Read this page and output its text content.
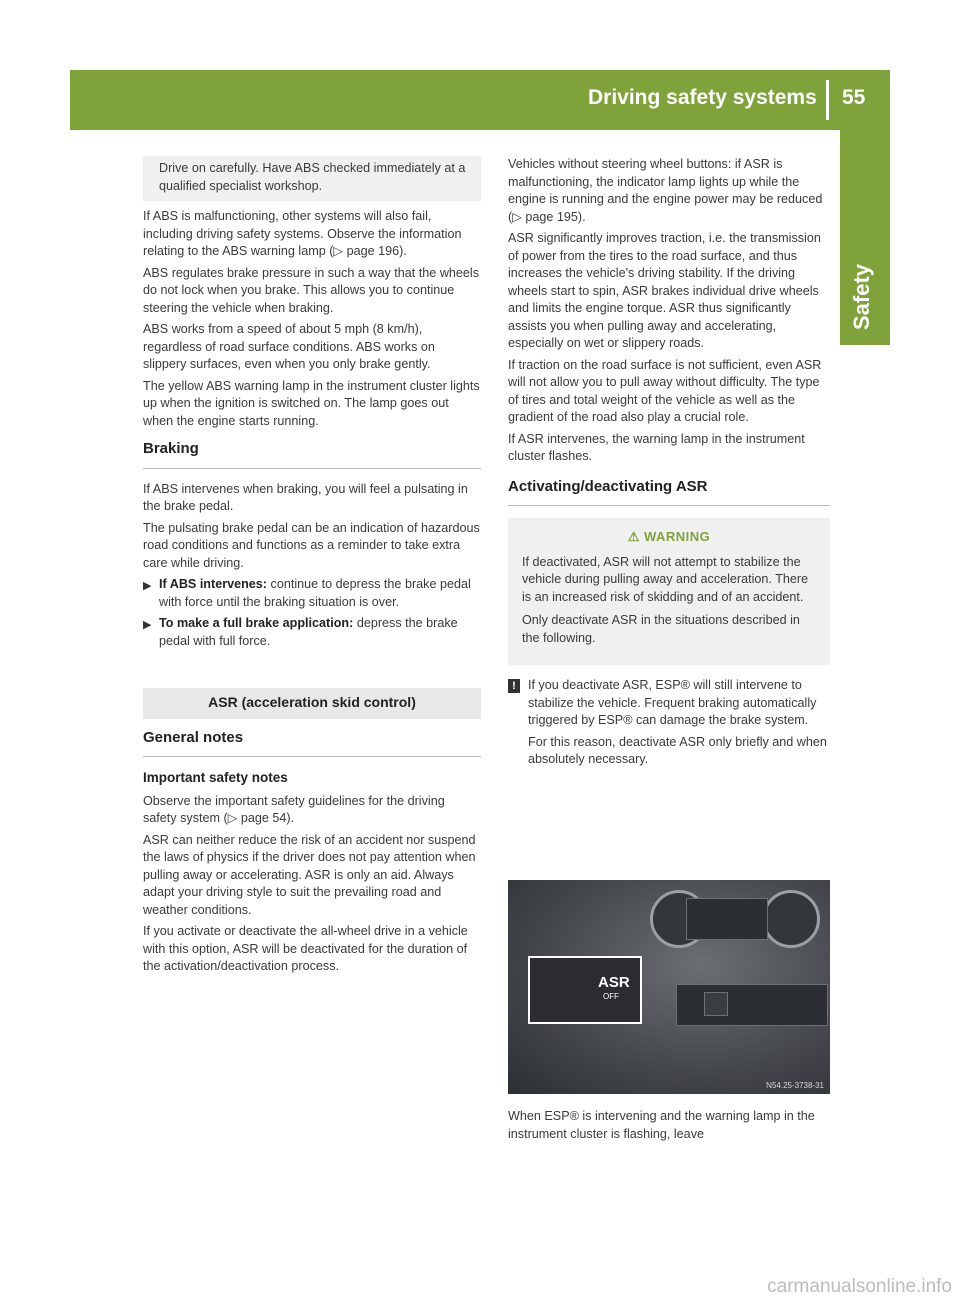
Driving safety systems 55
Safety

Drive on carefully. Have ABS checked immediately at a qualified specialist workshop.

If ABS is malfunctioning, other systems will also fail, including driving safety systems. Observe the information relating to the ABS warning lamp (▷ page 196).

ABS regulates brake pressure in such a way that the wheels do not lock when you brake. This allows you to continue steering the vehicle when braking.

ABS works from a speed of about 5 mph (8 km/h), regardless of road surface conditions. ABS works on slippery surfaces, even when you only brake gently.

The yellow ABS warning lamp in the instrument cluster lights up when the ignition is switched on. The lamp goes out when the engine starts running.

Braking

If ABS intervenes when braking, you will feel a pulsating in the brake pedal.

The pulsating brake pedal can be an indication of hazardous road conditions and functions as a reminder to take extra care while driving.

▶ If ABS intervenes: continue to depress the brake pedal with force until the braking situation is over.
▶ To make a full brake application: depress the brake pedal with full force.
ASR (acceleration skid control)
General notes
Important safety notes

Observe the important safety guidelines for the driving safety system (▷ page 54).

ASR can neither reduce the risk of an accident nor suspend the laws of physics if the driver does not pay attention when pulling away or accelerating. ASR is only an aid. Always adapt your driving style to suit the prevailing road and weather conditions.

If you activate or deactivate the all-wheel drive in a vehicle with this option, ASR will be deactivated for the duration of the activation/deactivation process.

Vehicles without steering wheel buttons: if ASR is malfunctioning, the indicator lamp lights up while the engine is running and the engine power may be reduced (▷ page 195).

ASR significantly improves traction, i.e. the transmission of power from the tires to the road surface, and thus increases the vehicle's driving stability. If the driving wheels start to spin, ASR brakes individual drive wheels and limits the engine torque. ASR thus significantly assists you when pulling away and accelerating, especially on wet or slippery roads.

If traction on the road surface is not sufficient, even ASR will not allow you to pull away without difficulty. The type of tires and total weight of the vehicle as well as the gradient of the road also play a crucial role.

If ASR intervenes, the warning lamp in the instrument cluster flashes.

Activating/deactivating ASR
⚠ WARNING

If deactivated, ASR will not attempt to stabilize the vehicle during pulling away and acceleration. There is an increased risk of skidding and of an accident.

Only deactivate ASR in the situations described in the following.

! If you deactivate ASR, ESP® will still intervene to stabilize the vehicle. Frequent braking automatically triggered by ESP® can damage the brake system.

For this reason, deactivate ASR only briefly and when absolutely necessary.

ASR
OFF
N54.25-3738-31

When ESP® is intervening and the warning lamp in the instrument cluster is flashing, leave

carmanualsonline.info
